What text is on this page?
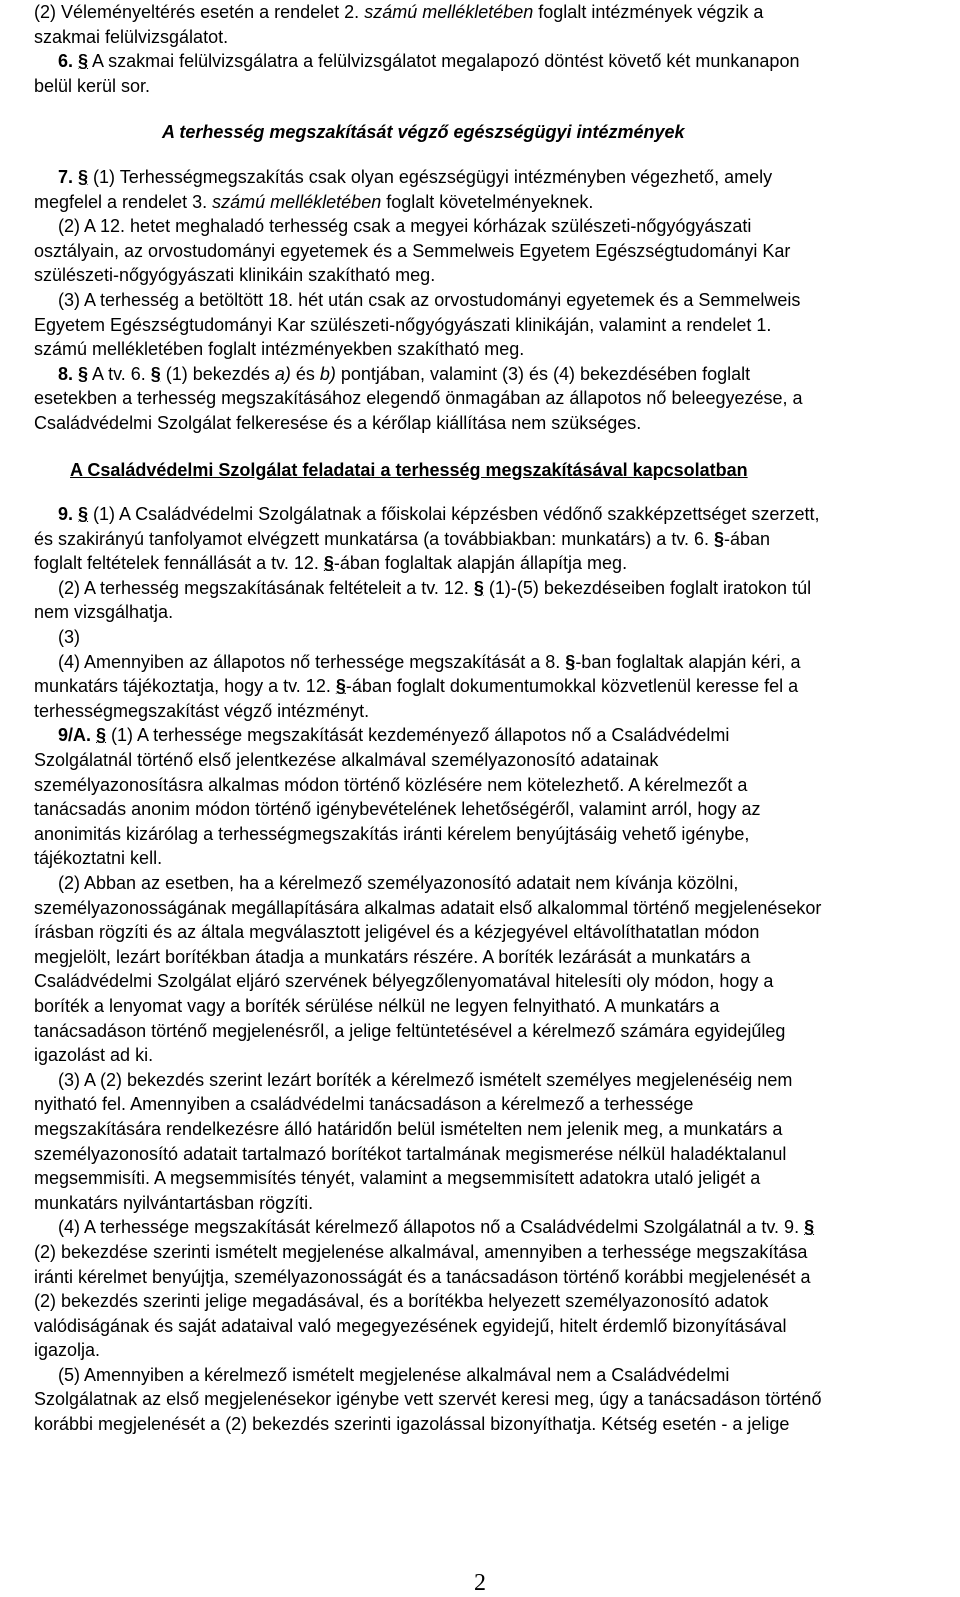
(2) Véleményeltérés esetén a rendelet 2. számú mellékletében foglalt intézmények végzik a
szakmai felülvizsgálatot.
6. § A szakmai felülvizsgálatra a felülvizsgálatot megalapozó döntést követő két munkanapon
belül kerül sor.
A terhesség megszakítását végző egészségügyi intézmények
7. § (1) Terhességmegszakítás csak olyan egészségügyi intézményben végezhető, amely
megfelel a rendelet 3. számú mellékletében foglalt követelményeknek.
(2) A 12. hetet meghaladó terhesség csak a megyei kórházak szülészeti-nőgyógyászati
osztályain, az orvostudományi egyetemek és a Semmelweis Egyetem Egészségtudományi Kar
szülészeti-nőgyógyászati klinikáin szakítható meg.
(3) A terhesség a betöltött 18. hét után csak az orvostudományi egyetemek és a Semmelweis
Egyetem Egészségtudományi Kar szülészeti-nőgyógyászati klinikáján, valamint a rendelet 1.
számú mellékletében foglalt intézményekben szakítható meg.
8. § A tv. 6. § (1) bekezdés a) és b) pontjában, valamint (3) és (4) bekezdésében foglalt
esetekben a terhesség megszakításához elegendő önmagában az állapotos nő beleegyezése, a
Családvédelmi Szolgálat felkeresése és a kérőlap kiállítása nem szükséges.
A Családvédelmi Szolgálat feladatai a terhesség megszakításával kapcsolatban
9. § (1) A Családvédelmi Szolgálatnak a főiskolai képzésben védőnő szakképzettséget szerzett,
és szakirányú tanfolyamot elvégzett munkatársa (a továbbiakban: munkatárs) a tv. 6. §-ában
foglalt feltételek fennállását a tv. 12. §-ában foglaltak alapján állapítja meg.
(2) A terhesség megszakításának feltételeit a tv. 12. § (1)-(5) bekezdéseiben foglalt iratokon túl
nem vizsgálhatja.
(3)
(4) Amennyiben az állapotos nő terhessége megszakítását a 8. §-ban foglaltak alapján kéri, a
munkatárs tájékoztatja, hogy a tv. 12. §-ában foglalt dokumentumokkal közvetlenül keresse fel a
terhességmegszakítást végző intézményt.
9/A. § (1) A terhessége megszakítását kezdeményező állapotos nő a Családvédelmi
Szolgálatnál történő első jelentkezése alkalmával személyazonosító adatainak
személyazonosításra alkalmas módon történő közlésére nem kötelezhető. A kérelmezőt a
tanácsadás anonim módon történő igénybevételének lehetőségéről, valamint arról, hogy az
anonimitás kizárólag a terhességmegszakítás iránti kérelem benyújtásáig vehető igénybe,
tájékoztatni kell.
(2) Abban az esetben, ha a kérelmező személyazonosító adatait nem kívánja közölni,
személyazonosságának megállapítására alkalmas adatait első alkalommal történő megjelenésekor
írásban rögzíti és az általa megválasztott jeligével és a kézjegyével eltávolíthatatlan módon
megjelölt, lezárt borítékban átadja a munkatárs részére. A boríték lezárását a munkatárs a
Családvédelmi Szolgálat eljáró szervének bélyegzőlenyomatával hitelesíti oly módon, hogy a
boríték a lenyomat vagy a boríték sérülése nélkül ne legyen felnyitható. A munkatárs a
tanácsadáson történő megjelenésről, a jelige feltüntetésével a kérelmező számára egyidejűleg
igazolást ad ki.
(3) A (2) bekezdés szerint lezárt boríték a kérelmező ismételt személyes megjelenéséig nem
nyitható fel. Amennyiben a családvédelmi tanácsadáson a kérelmező a terhessége
megszakítására rendelkezésre álló határidőn belül ismételten nem jelenik meg, a munkatárs a
személyazonosító adatait tartalmazó borítékot tartalmának megismerése nélkül haladéktalanul
megsemmisíti. A megsemmisítés tényét, valamint a megsemmisített adatokra utaló jeligét a
munkatárs nyilvántartásban rögzíti.
(4) A terhessége megszakítását kérelmező állapotos nő a Családvédelmi Szolgálatnál a tv. 9. §
(2) bekezdése szerinti ismételt megjelenése alkalmával, amennyiben a terhessége megszakítása
iránti kérelmet benyújtja, személyazonosságát és a tanácsadáson történő korábbi megjelenését a
(2) bekezdés szerinti jelige megadásával, és a borítékba helyezett személyazonosító adatok
valódiságának és saját adataival való megegyezésének egyidejű, hitelt érdemlő bizonyításával
igazolja.
(5) Amennyiben a kérelmező ismételt megjelenése alkalmával nem a Családvédelmi
Szolgálatnak az első megjelenésekor igénybe vett szervét keresi meg, úgy a tanácsadáson történő
korábbi megjelenését a (2) bekezdés szerinti igazolással bizonyíthatja. Kétség esetén - a jelige
2
